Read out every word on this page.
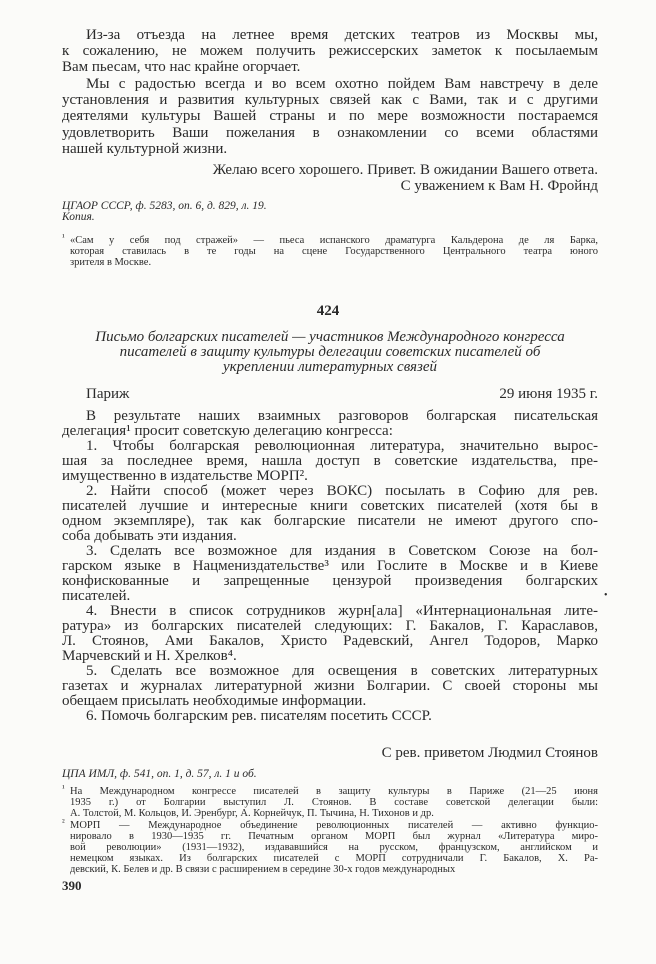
Из-за отъезда на летнее время детских театров из Москвы мы,
к сожалению, не можем получить режиссерских заметок к посылаемым
Вам пьесам, что нас крайне огорчает.
Мы с радостью всегда и во всем охотно пойдем Вам навстречу в деле
установления и развития культурных связей как с Вами, так и с другими
деятелями культуры Вашей страны и по мере возможности постараемся
удовлетворить Ваши пожелания в ознакомлении со всеми областями
нашей культурной жизни.
Желаю всего хорошего. Привет. В ожидании Вашего ответа.
С уважением к Вам Н. Фройнд
ЦГАОР СССР, ф. 5283, оп. 6, д. 829, л. 19.
Копия.
¹ «Сам у себя под стражей» — пьеса испанского драматурга Кальдерона де ля Барка,
которая ставилась в те годы на сцене Государственного Центрального театра юного
зрителя в Москве.
424
Письмо болгарских писателей — участников Международного конгресса
писателей в защиту культуры делегации советских писателей об
укреплении литературных связей
Париж	29 июня 1935 г.
В результате наших взаимных разговоров болгарская писательская
делегация¹ просит советскую делегацию конгресса:
1. Чтобы болгарская революционная литература, значительно вырос-
шая за последнее время, нашла доступ в советские издательства, пре-
имущественно в издательстве МОРП².
2. Найти способ (может через ВОКС) посылать в Софию для рев.
писателей лучшие и интересные книги советских писателей (хотя бы в
одном экземпляре), так как болгарские писатели не имеют другого спо-
соба добывать эти издания.
3. Сделать все возможное для издания в Советском Союзе на бол-
гарском языке в Нацмениздательстве³ или Гослите в Москве и в Киеве
конфискованные и запрещенные цензурой произведения болгарских
писателей.
4. Внести в список сотрудников журн[ала] «Интернациональная лите-
ратура» из болгарских писателей следующих: Г. Бакалов, Г. Караславов,
Л. Стоянов, Ами Бакалов, Христо Радевский, Ангел Тодоров, Марко
Марчевский и Н. Хрелков⁴.
5. Сделать все возможное для освещения в советских литературных
газетах и журналах литературной жизни Болгарии. С своей стороны мы
обещаем присылать необходимые информации.
6. Помочь болгарским рев. писателям посетить СССР.
•
С рев. приветом Людмил Стоянов
ЦПА ИМЛ, ф. 541, оп. 1, д. 57, л. 1 и об.
¹ На Международном конгрессе писателей в защиту культуры в Париже (21—25 июня
1935 г.) от Болгарии выступил Л. Стоянов. В составе советской делегации были:
А. Толстой, М. Кольцов, И. Эренбург, А. Корнейчук, П. Тычина, Н. Тихонов и др.
² МОРП — Международное объединение революционных писателей — активно функцио-
нировало в 1930—1935 гг. Печатным органом МОРП был журнал «Литература миро-
вой революции» (1931—1932), издававшийся на русском, французском, английском и
немецком языках. Из болгарских писателей с МОРП сотрудничали Г. Бакалов, Х. Ра-
девский, К. Белев и др. В связи с расширением в середине 30-х годов международных
390
